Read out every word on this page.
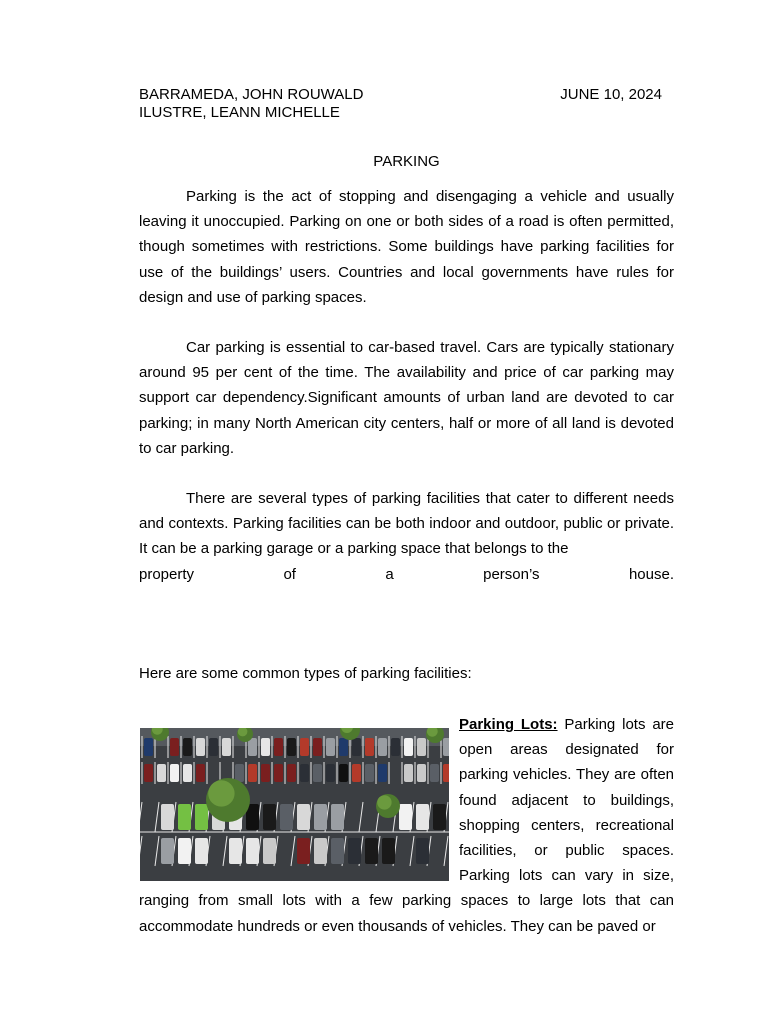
BARRAMEDA, JOHN ROUWALD
ILUSTRE, LEANN MICHELLE
JUNE 10, 2024
PARKING

Parking is the act of stopping and disengaging a vehicle and usually leaving it unoccupied. Parking on one or both sides of a road is often permitted, though sometimes with restrictions. Some buildings have parking facilities for use of the buildings’ users. Countries and local governments have rules for design and use of parking spaces.

Car parking is essential to car-based travel. Cars are typically stationary around 95 per cent of the time. The availability and price of car parking may support car dependency.Significant amounts of urban land are devoted to car parking; in many North American city centers, half or more of all land is devoted to car parking.

There are several types of parking facilities that cater to different needs and contexts. Parking facilities can be both indoor and outdoor, public or private. It can be a parking garage or a parking space that belongs to the
property	of	a	person’s	house.

Here are some common types of parking facilities:

Parking Lots: Parking lots are open areas designated for parking vehicles. They are often found adjacent to buildings, shopping centers, recreational facilities, or public spaces. Parking lots can vary in size, ranging from small lots with a few parking spaces to large lots that can accommodate hundreds or even thousands of vehicles. They can be paved or
